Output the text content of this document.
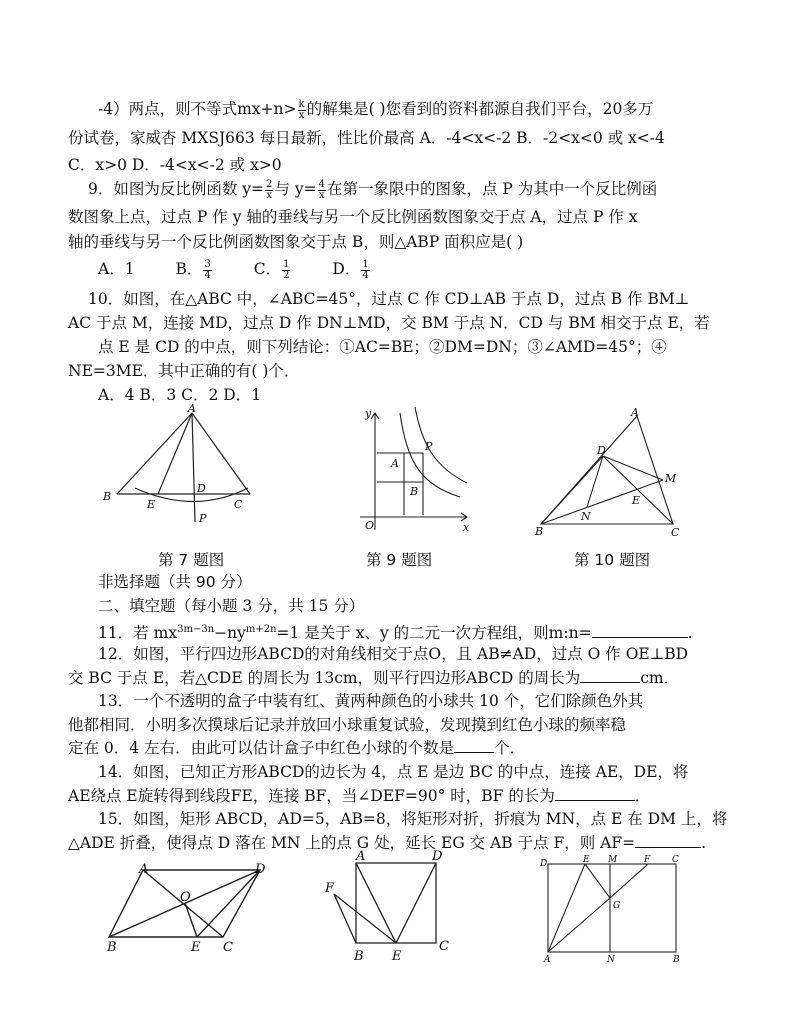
-4）两点，则不等式$mx+n> \frac{k}{x}$ 的解集是( )您看到的资料都源自我们平台，20多万
份试卷，家威杏 MXSJ663 每日最新，性比价最高 A．-4<x<-2 B．-2<x<0 或 x<-4
C．x>0 D．-4<x<-2 或 x>0
9．如图为反比例函数 $y= \frac{2}{x}$ 与 $y= \frac{4}{x}$ 在第一象限中的图象，点 P 为其中一个反比例函
数图象上点，过点 P 作 y 轴的垂线与另一个反比例函数图象交于点 A，过点 P 作 x
轴的垂线与另一个反比例函数图象交于点 B，则△ABP 面积应是( )
A．1	B． $\frac{3}{4}$	C． $\frac{1}{2}$	D． $\frac{1}{4}$
10．如图，在△ABC 中，∠ABC=45°，过点 C 作 CD⊥AB 于点 D，过点 B 作 BM⊥
AC 于点 M，连接 MD，过点 D 作 DN⊥MD，交 BM 于点 N．CD 与 BM 相交于点 E，若
点 E 是 CD 的中点，则下列结论：①AC=BE；②DM=DN；③∠AMD=45°；④
NE=3ME．其中正确的有( )个．
A．4 B．3 C．2 D．1
A
B
E
D
C
P
y
P
A
B
O	x
A
D
M
E
N
B	C
第 7 题图	第 9 题图	第 10 题图
非选择题（共 90 分）
二、填空题（每小题 3 分，共 15 分）
11．若 $mx^{3m-3n}-ny^{m+2n}=1$ 是关于 x、y 的二元一次方程组，则m:n=	.
12．如图，平行四边形ABCD的对角线相交于点O，且 AB≠AD，过点 O 作 OE⊥BD
交 BC 于点 E，若△CDE 的周长为 13cm，则平行四边形ABCD 的周长为	cm．
13．一个不透明的盒子中装有红、黄两种颜色的小球共 10 个，它们除颜色外其
他都相同．小明多次摸球后记录并放回小球重复试验，发现摸到红色小球的频率稳
定在 0．4 左右．由此可以估计盒子中红色小球的个数是	个．
14．如图，已知正方形ABCD的边长为 4，点 E 是边 BC 的中点，连接 AE，DE，将
AE绕点 E旋转得到线段FE，连接 BF，当∠DEF=90° 时，BF 的长为	．
15．如图，矩形 ABCD，AD=5，AB=8，将矩形对折，折痕为 MN，点 E 在 DM 上，将
△ADE 折叠，使得点 D 落在 MN 上的点 G 处，延长 EG 交 AB 于点 F，则 AF=	.
A	D
O
B	E C
A	D
F
B E
C
D	E M	F C
G
A	N	B
